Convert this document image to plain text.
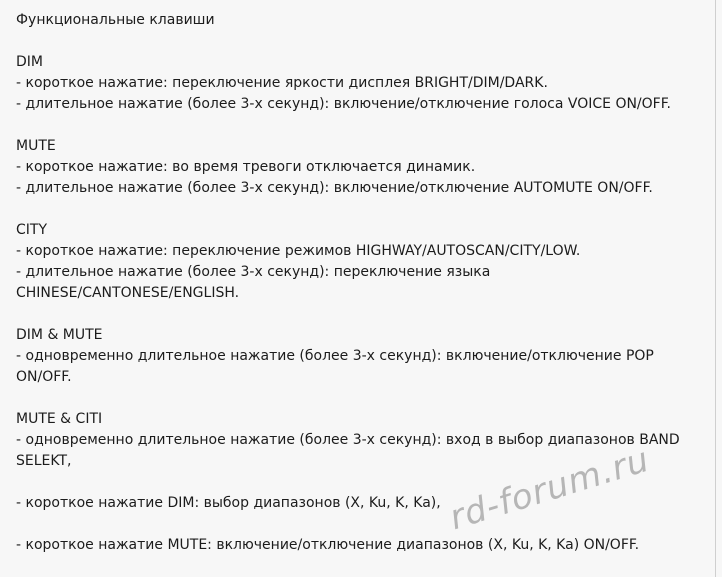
Функциональные клавиши
DIM
- короткое нажатие: переключение яркости дисплея BRIGHT/DIM/DARK.
- длительное нажатие (более 3-х секунд): включение/отключение голоса VOICE ON/OFF.
MUTE
- короткое нажатие: во время тревоги отключается динамик.
- длительное нажатие (более 3-х секунд): включение/отключение AUTOMUTE ON/OFF.
CITY
- короткое нажатие: переключение режимов HIGHWAY/AUTOSCAN/CITY/LOW.
- длительное нажатие (более 3-х секунд): переключение языка CHINESE/CANTONESE/ENGLISH.
DIM & MUTE
- одновременно длительное нажатие (более 3-х секунд): включение/отключение POP ON/OFF.
MUTE & CITI
- одновременно длительное нажатие (более 3-х секунд): вход в выбор диапазонов BAND SELEKT,
- короткое нажатие DIM: выбор диапазонов (X, Ku, K, Ka),
- короткое нажатие MUTE: включение/отключение диапазонов (X, Ku, K, Ka) ON/OFF.
rd-forum.ru
